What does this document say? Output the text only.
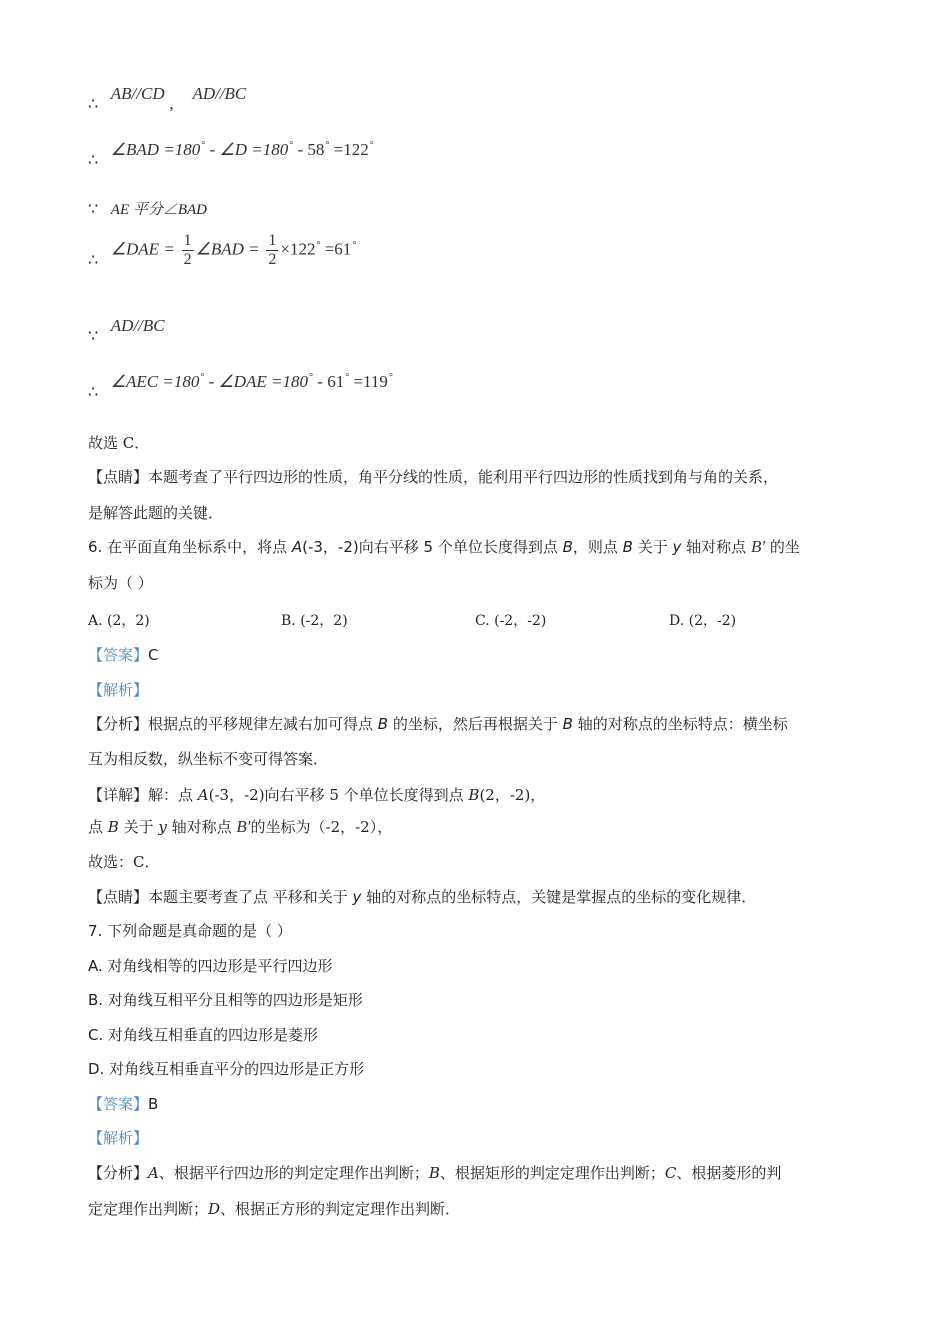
∴ AB//CD , AD//BC
∴ ∠BAD =180° - ∠D =180° - 58° =122°
∵ AE 平分∠BAD
∴ ∠DAE = $\frac{1}{2}$ ∠BAD = $\frac{1}{2} \times 122^\circ =61^\circ$
∵ AD//BC
∴ ∠AEC =180° - ∠DAE =180° - 61° =119°
故选 C．
【点睛】本题考查了平行四边形的性质，角平分线的性质，能利用平行四边形的性质找到角与角的关系，
是解答此题的关键．
6. 在平面直角坐标系中，将点 A(-3，-2)向右平移 5 个单位长度得到点 B，则点 B 关于 y 轴对称点 B′ 的坐
标为（ ）
A. (2，2)	B. (-2，2)	C. (-2，-2)	D. (2，-2)
【答案】C
【解析】
【分析】根据点的平移规律左减右加可得点 B 的坐标，然后再根据关于 B 轴的对称点的坐标特点：横坐标
互为相反数，纵坐标不变可得答案．
【详解】解：点 A(-3，-2)向右平移 5 个单位长度得到点 B(2，-2)，
点 B 关于 y 轴对称点 B′的坐标为（-2，-2），
故选：C．
【点睛】本题主要考查了点 平移和关于 y 轴的对称点的坐标特点，关键是掌握点的坐标的变化规律．
7. 下列命题是真命题的是（ ）
A. 对角线相等的四边形是平行四边形
B. 对角线互相平分且相等的四边形是矩形
C. 对角线互相垂直的四边形是菱形
D. 对角线互相垂直平分的四边形是正方形
【答案】B
【解析】
【分析】A、根据平行四边形的判定定理作出判断；B、根据矩形的判定定理作出判断；C、根据菱形的判
定定理作出判断；D、根据正方形的判定定理作出判断．
